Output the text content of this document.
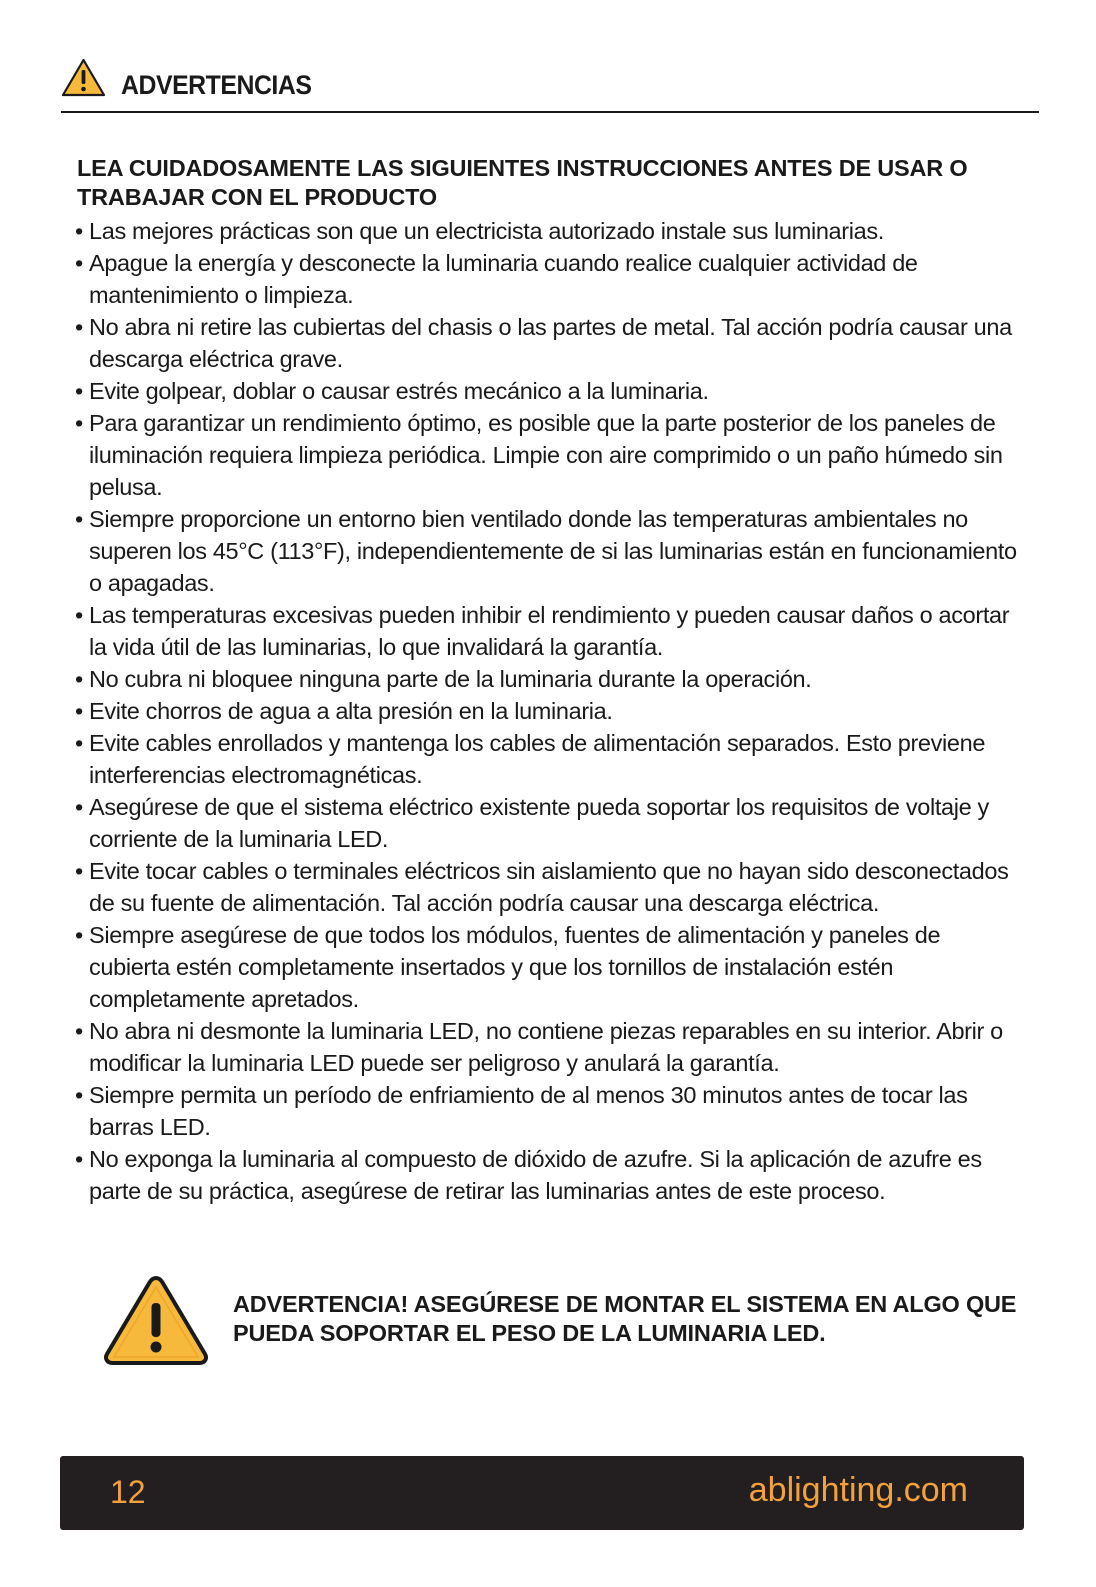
ADVERTENCIAS
LEA CUIDADOSAMENTE LAS SIGUIENTES INSTRUCCIONES ANTES DE USAR O TRABAJAR CON EL PRODUCTO
• Las mejores prácticas son que un electricista autorizado instale sus luminarias.
• Apague la energía y desconecte la luminaria cuando realice cualquier actividad de mantenimiento o limpieza.
• No abra ni retire las cubiertas del chasis o las partes de metal. Tal acción podría causar una descarga eléctrica grave.
• Evite golpear, doblar o causar estrés mecánico a la luminaria.
• Para garantizar un rendimiento óptimo, es posible que la parte posterior de los paneles de iluminación requiera limpieza periódica. Limpie con aire comprimido o un paño húmedo sin pelusa.
• Siempre proporcione un entorno bien ventilado donde las temperaturas ambientales no superen los 45°C (113°F), independientemente de si las luminarias están en funcionamiento o apagadas.
• Las temperaturas excesivas pueden inhibir el rendimiento y pueden causar daños o acortar la vida útil de las luminarias, lo que invalidará la garantía.
• No cubra ni bloquee ninguna parte de la luminaria durante la operación.
• Evite chorros de agua a alta presión en la luminaria.
• Evite cables enrollados y mantenga los cables de alimentación separados. Esto previene interferencias electromagnéticas.
• Asegúrese de que el sistema eléctrico existente pueda soportar los requisitos de voltaje y corriente de la luminaria LED.
• Evite tocar cables o terminales eléctricos sin aislamiento que no hayan sido desconectados de su fuente de alimentación. Tal acción podría causar una descarga eléctrica.
• Siempre asegúrese de que todos los módulos, fuentes de alimentación y paneles de cubierta estén completamente insertados y que los tornillos de instalación estén completamente apretados.
• No abra ni desmonte la luminaria LED, no contiene piezas reparables en su interior. Abrir o modificar la luminaria LED puede ser peligroso y anulará la garantía.
• Siempre permita un período de enfriamiento de al menos 30 minutos antes de tocar las barras LED.
• No exponga la luminaria al compuesto de dióxido de azufre. Si la aplicación de azufre es parte de su práctica, asegúrese de retirar las luminarias antes de este proceso.
ADVERTENCIA! ASEGÚRESE DE MONTAR EL SISTEMA EN ALGO QUE PUEDA SOPORTAR EL PESO DE LA LUMINARIA LED.
12	ablighting.com
